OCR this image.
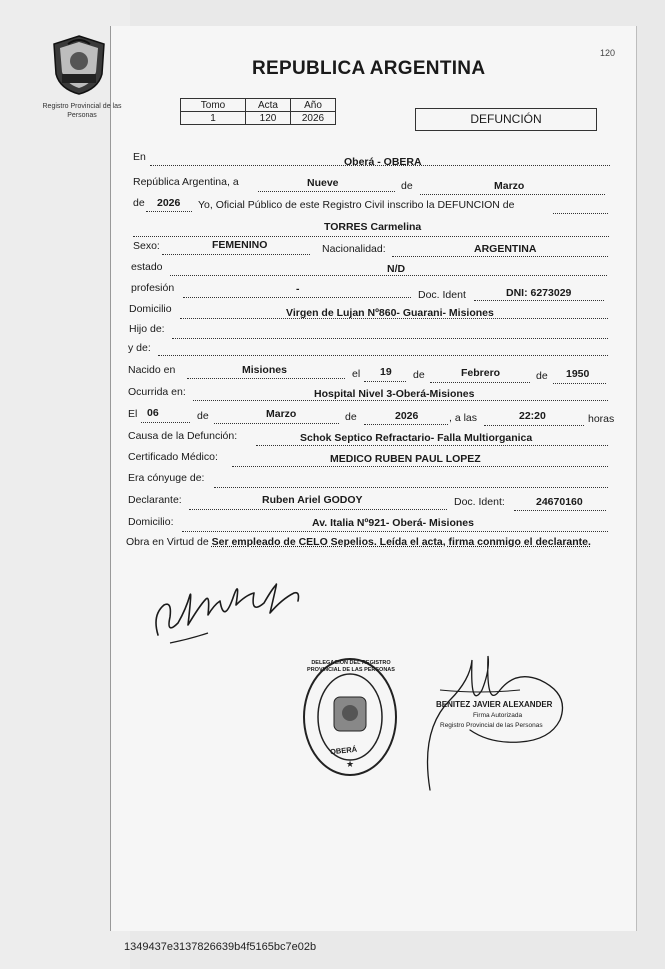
Registro Provincial de las Personas
120
REPUBLICA ARGENTINA
Tomo	Acta	Año
1	120	2026	DEFUNCIÓN
En	Oberá - OBERA
República Argentina, a	Nueve	de	Marzo
de 2026 Yo, Oficial Público de este Registro Civil inscribo la DEFUNCION de
TORRES Carmelina
Sexo:	FEMENINO	Nacionalidad:	ARGENTINA
estado	N/D
profesión	-	Doc. Ident	DNI: 6273029
Domicilio	Virgen de Lujan Nº860- Guarani- Misiones
Hijo de:
y de:
Nacido en	Misiones	el 19 de	Febrero	de 1950
Ocurrida en:	Hospital Nivel 3-Oberá-Misiones
El 06	de	Marzo	de	2026	, a las	22:20	horas
Causa de la Defunción:	Schok Septico Refractario- Falla Multiorganica
Certificado Médico:	MEDICO RUBEN PAUL LOPEZ
Era cónyuge de:
Declarante:	Ruben Ariel GODOY	Doc. Ident:	24670160
Domicilio:	Av. Italia Nº921- Oberá- Misiones
Obra en Virtud de Ser empleado de CELO Sepelios. Leída el acta, firma conmigo el declarante.
★
OBERÁ
DELEGACION DEL REGISTRO PROVINCIAL DE LAS PERSONAS
BENITEZ JAVIER ALEXANDER
Firma Autorizada
Registro Provincial de las Personas
1349437e3137826639b4f5165bc7e02b
